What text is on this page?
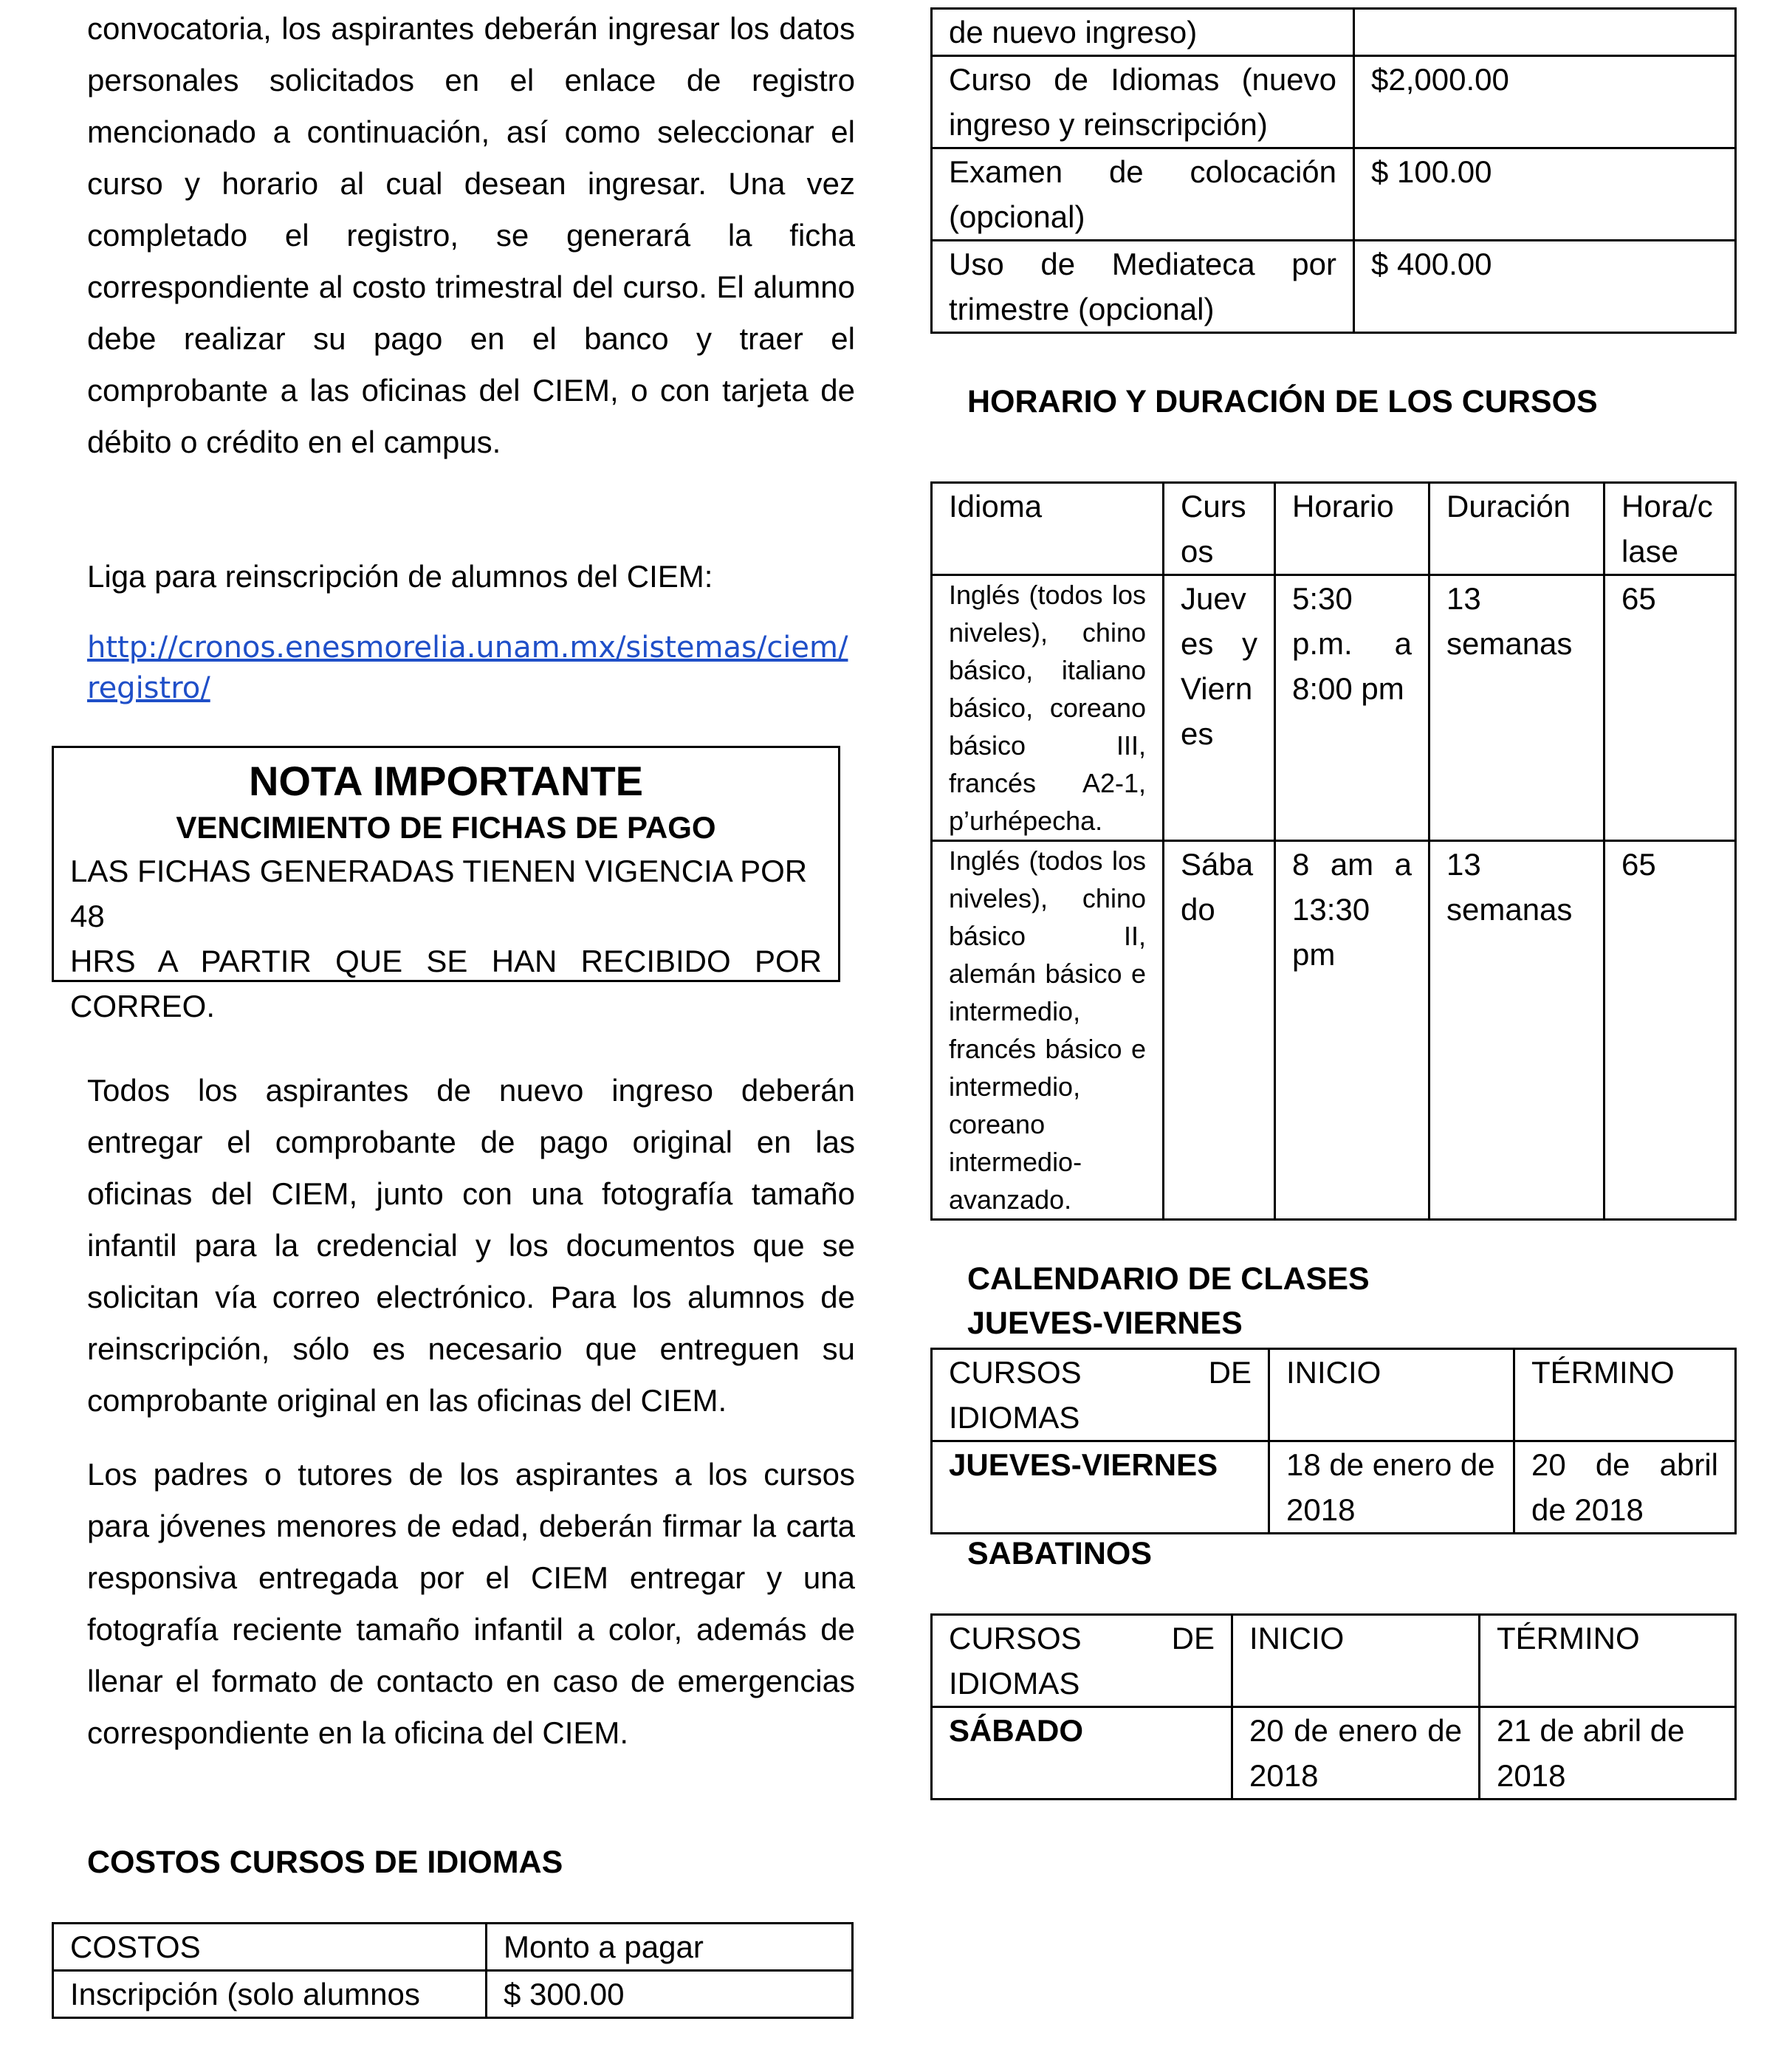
convocatoria, los aspirantes deberán ingresar los datos personales solicitados en el enlace de registro mencionado a continuación, así como seleccionar el curso y horario al cual desean ingresar. Una vez completado el registro, se generará la ficha correspondiente al costo trimestral del curso. El alumno debe realizar su pago en el banco y traer el comprobante a las oficinas del CIEM, o con tarjeta de débito o crédito en el campus.

Liga para reinscripción de alumnos del CIEM:

http://cronos.enesmorelia.unam.mx/sistemas/ciem/
registro/
NOTA IMPORTANTE
VENCIMIENTO DE FICHAS DE PAGO
LAS FICHAS GENERADAS TIENEN VIGENCIA POR 48
HRS A PARTIR QUE SE HAN RECIBIDO POR
CORREO.

Todos los aspirantes de nuevo ingreso deberán entregar el comprobante de pago original en las oficinas del CIEM, junto con una fotografía tamaño infantil para la credencial y los documentos que se solicitan vía correo electrónico. Para los alumnos de reinscripción, sólo es necesario que entreguen su comprobante original en las oficinas del CIEM.

Los padres o tutores de los aspirantes a los cursos para jóvenes menores de edad, deberán firmar la carta responsiva entregada por el CIEM entregar y una fotografía reciente tamaño infantil a color, además de llenar el formato de contacto en caso de emergencias correspondiente en la oficina del CIEM.

COSTOS CURSOS DE IDIOMAS
COSTOS	Monto a pagar
Inscripción (solo alumnos	$ 300.00
de nuevo ingreso)	
Curso de Idiomas (nuevo ingreso y reinscripción)	$2,000.00
Examen de colocación (opcional)	$ 100.00
Uso de Mediateca por trimestre (opcional)	$ 400.00
HORARIO Y DURACIÓN DE LOS CURSOS
Idioma	Curs os	Horario	Duración	Hora/c lase
Inglés (todos los niveles), chino básico, italiano básico, coreano básico III, francés A2-1, p’urhépecha.	Jueves y Viernes	5:30 p.m. a 8:00 pm	13 semanas	65
Inglés (todos los niveles), chino básico II, alemán básico e intermedio, francés básico e intermedio, coreano intermedio-avanzado.	Sábado	8 am a 13:30 pm	13 semanas	65
CALENDARIO DE CLASES
JUEVES-VIERNES
CURSOS DE IDIOMAS	INICIO	TÉRMINO
JUEVES-VIERNES	18 de enero de 2018	20 de abril de 2018
SABATINOS
CURSOS DE IDIOMAS	INICIO	TÉRMINO
SÁBADO	20 de enero de 2018	21 de abril de 2018
